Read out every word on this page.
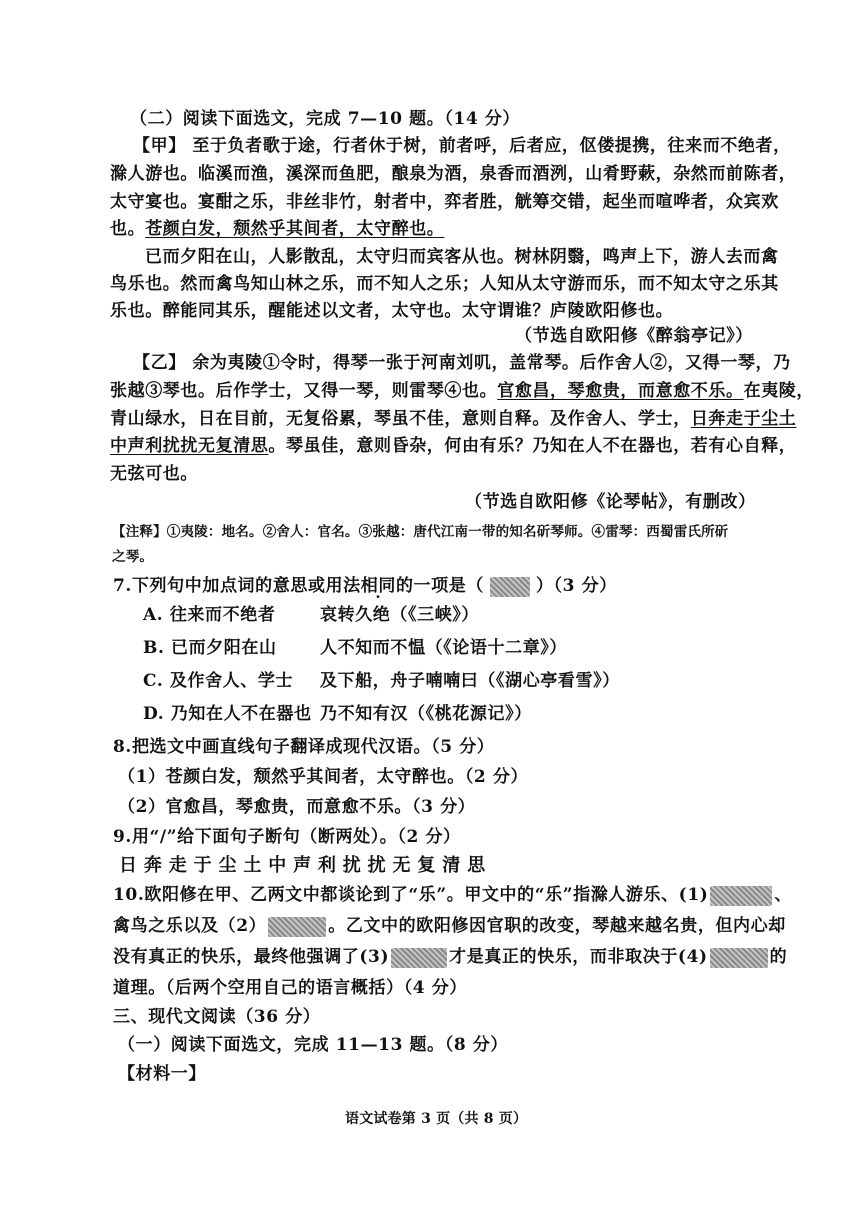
（二）阅读下面选文，完成 7—10 题。（14 分）
【甲】 至于负者歌于途，行者休于树，前者呼，后者应，伛偻提携，往来而不绝者，
滁人游也。临溪而渔，溪深而鱼肥，酿泉为酒，泉香而酒洌，山肴野蔌，杂然而前陈者，
太守宴也。宴酣之乐，非丝非竹，射者中，弈者胜，觥筹交错，起坐而喧哗者，众宾欢
也。苍颜白发，颓然乎其间者，太守醉也。
已而夕阳在山，人影散乱，太守归而宾客从也。树林阴翳，鸣声上下，游人去而禽
鸟乐也。然而禽鸟知山林之乐，而不知人之乐；人知从太守游而乐，而不知太守之乐其
乐也。醉能同其乐，醒能述以文者，太守也。太守谓谁？庐陵欧阳修也。
（节选自欧阳修《醉翁亭记》）
【乙】 余为夷陵①令时，得琴一张于河南刘叽，盖常琴。后作舍人②，又得一琴，乃
张越③琴也。后作学士，又得一琴，则雷琴④也。官愈昌，琴愈贵，而意愈不乐。在夷陵，
青山绿水，日在目前，无复俗累，琴虽不佳，意则自释。及作舍人、学士，日奔走于尘土
中声利扰扰无复清思。琴虽佳，意则昏杂，何由有乐？乃知在人不在器也，若有心自释，
无弦可也。
（节选自欧阳修《论琴帖》，有删改）
【注释】①夷陵：地名。②舍人：官名。③张越：唐代江南一带的知名斫琴师。④雷琴：西蜀雷氏所斫
之琴。
7.下列句中加点词的意思或用法相同的一项是（	）（3 分）
A. 往来而不绝者	哀转久绝（《三峡》）
B. 已而夕阳在山	人不知而不愠（《论语十二章》）
C. 及作舍人、学士 及下船，舟子喃喃曰（《湖心亭看雪》）
D. 乃知在人不在器也 乃不知有汉（《桃花源记》）
8.把选文中画直线句子翻译成现代汉语。（5 分）
（1）苍颜白发，颓然乎其间者，太守醉也。（2 分）
（2）官愈昌，琴愈贵，而意愈不乐。（3 分）
9.用“/”给下面句子断句（断两处）。（2 分）
日 奔 走 于 尘 土 中 声 利 扰 扰 无 复 清 思
10.欧阳修在甲、乙两文中都谈论到了“乐”。甲文中的“乐”指滁人游乐、(1)	、
禽鸟之乐以及（2）	。乙文中的欧阳修因官职的改变，琴越来越名贵，但内心却
没有真正的快乐，最终他强调了(3)	才是真正的快乐，而非取决于(4)	的
道理。（后两个空用自己的语言概括）（4 分）
三、现代文阅读（36 分）
（一）阅读下面选文，完成 11—13 题。（8 分）
【材料一】
语文试卷第 3 页（共 8 页）
